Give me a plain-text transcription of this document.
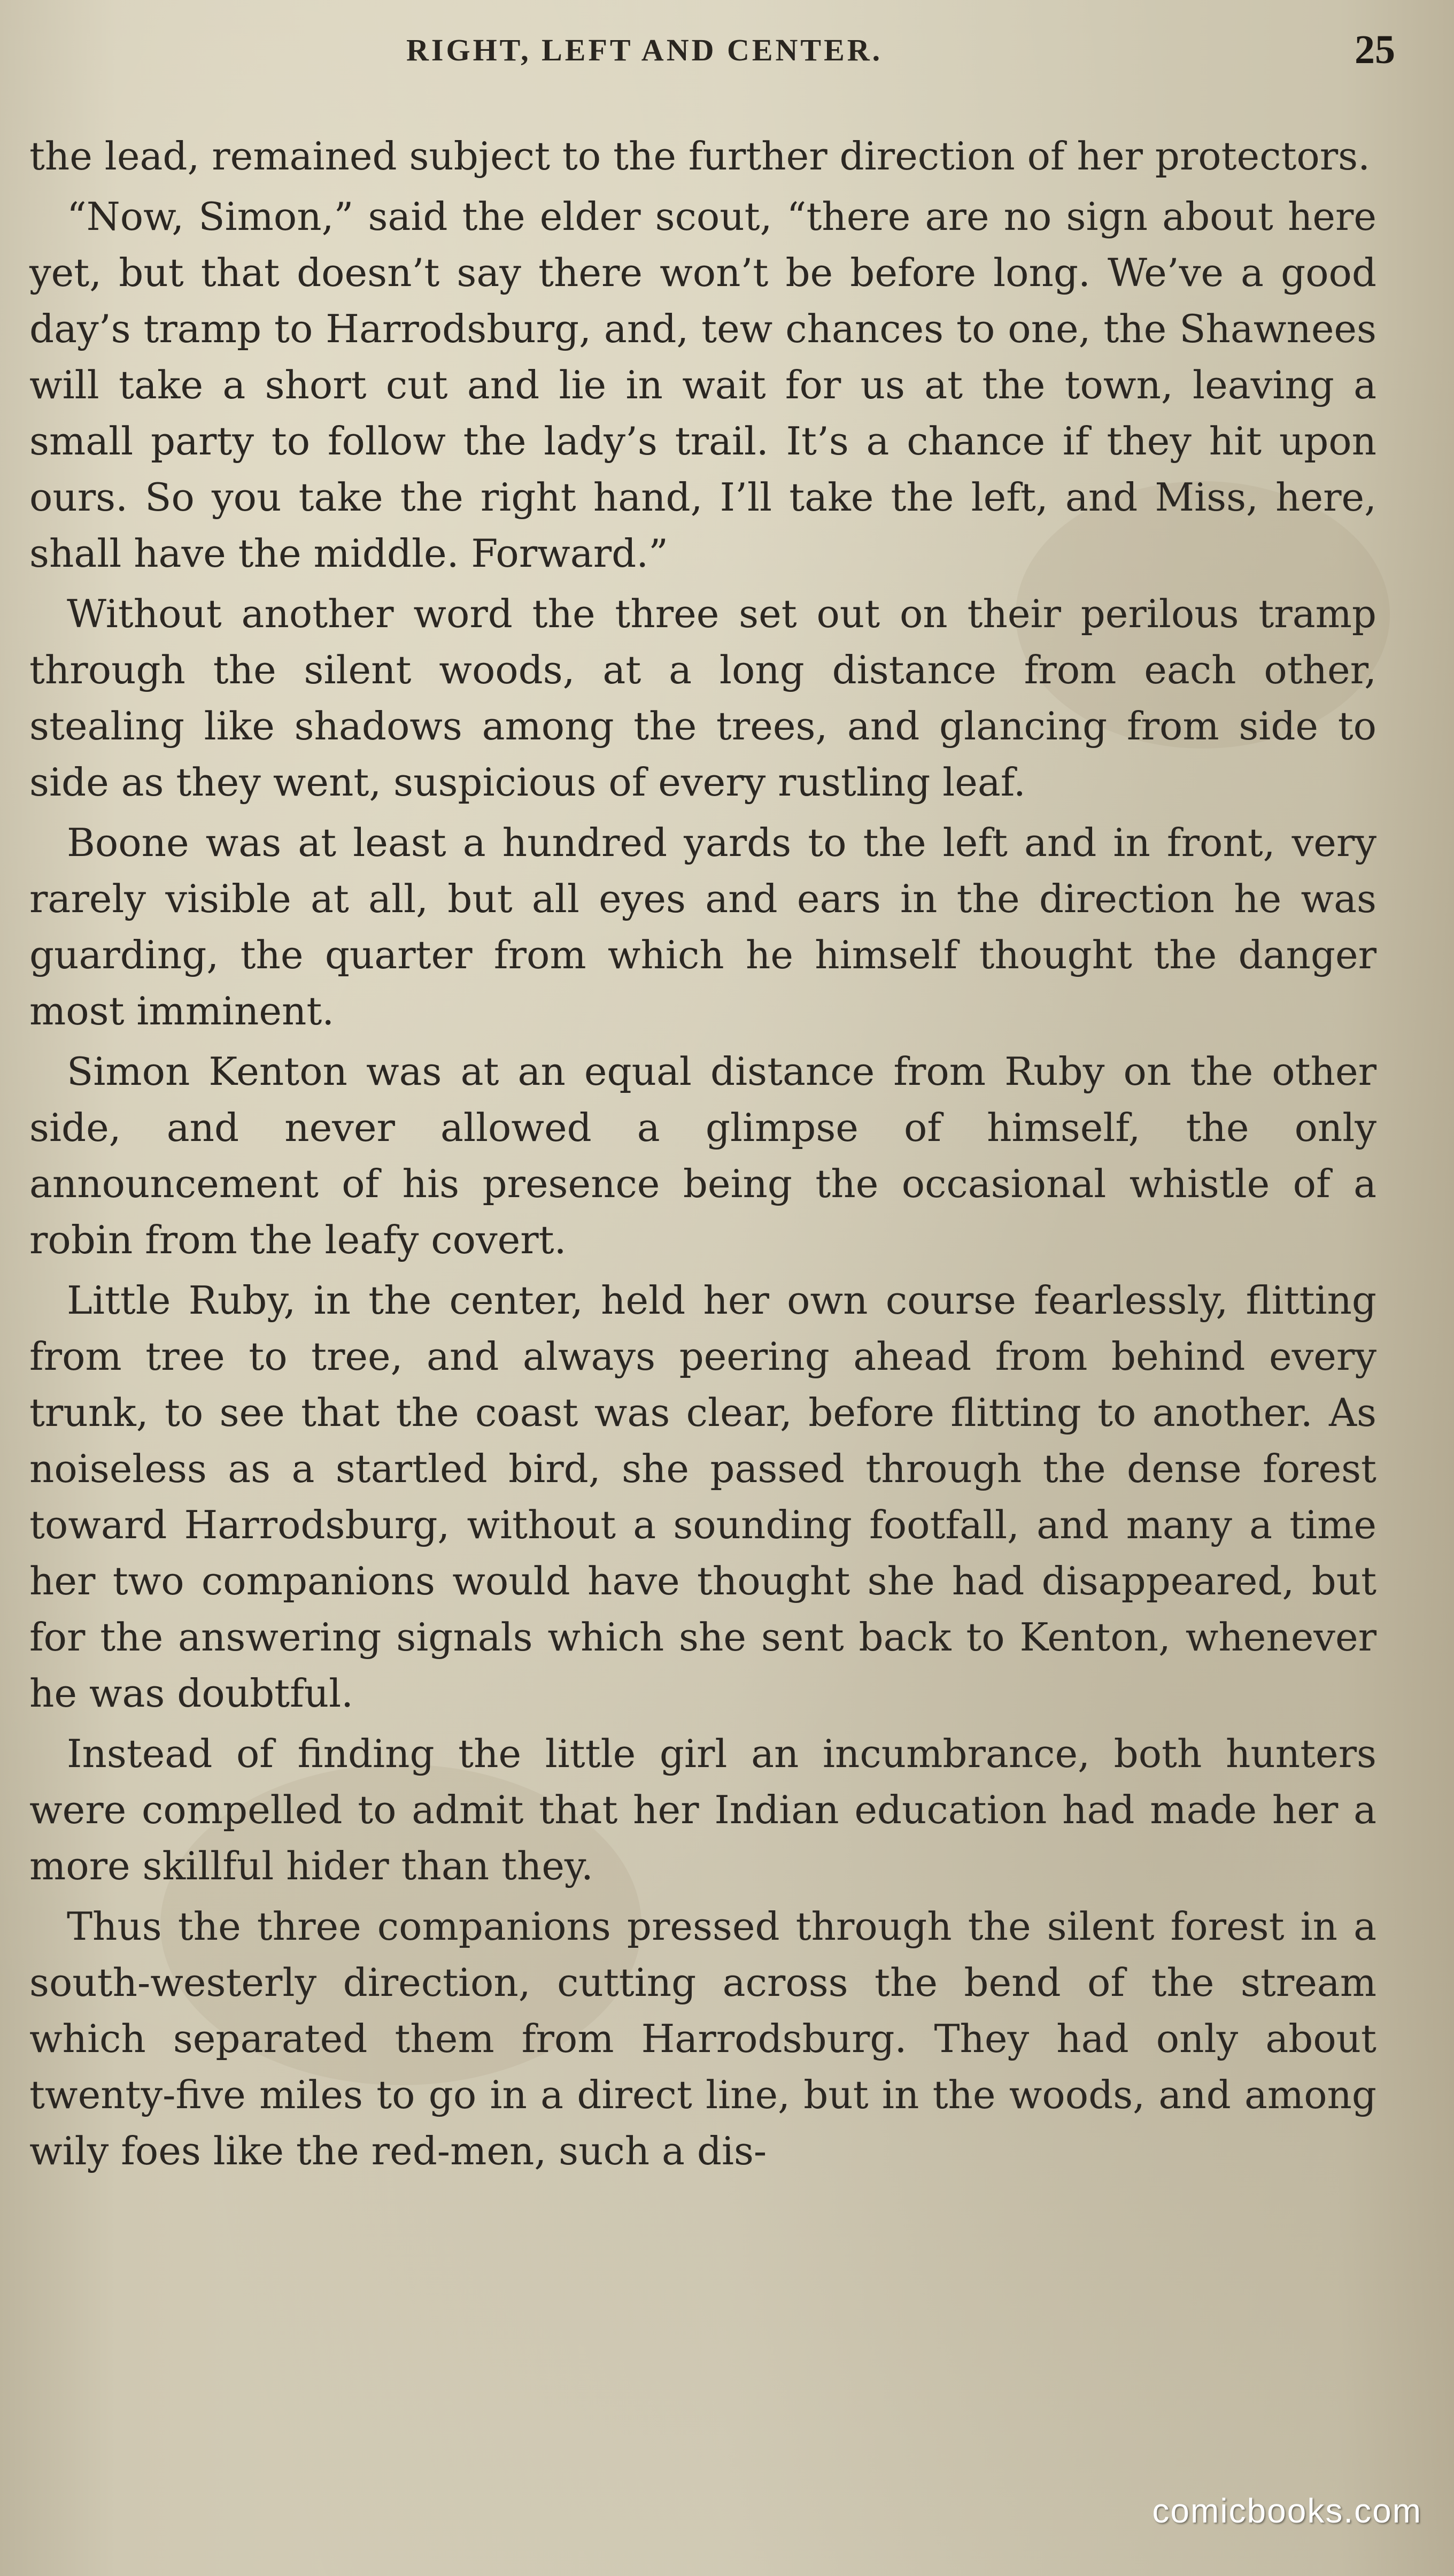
RIGHT, LEFT AND CENTER.	25

the lead, remained subject to the further direction of her protectors.

“Now, Simon,” said the elder scout, “there are no sign about here yet, but that doesn’t say there won’t be before long. We’ve a good day’s tramp to Harrodsburg, and, tew chances to one, the Shawnees will take a short cut and lie in wait for us at the town, leaving a small party to follow the lady’s trail. It’s a chance if they hit upon ours. So you take the right hand, I’ll take the left, and Miss, here, shall have the middle. Forward.”

Without another word the three set out on their perilous tramp through the silent woods, at a long distance from each other, stealing like shadows among the trees, and glancing from side to side as they went, suspicious of every rustling leaf.

Boone was at least a hundred yards to the left and in front, very rarely visible at all, but all eyes and ears in the direction he was guarding, the quarter from which he himself thought the danger most imminent.

Simon Kenton was at an equal distance from Ruby on the other side, and never allowed a glimpse of himself, the only announcement of his presence being the occasional whistle of a robin from the leafy covert.

Little Ruby, in the center, held her own course fearlessly, flitting from tree to tree, and always peering ahead from behind every trunk, to see that the coast was clear, before flitting to another. As noiseless as a startled bird, she passed through the dense forest toward Harrodsburg, without a sounding footfall, and many a time her two companions would have thought she had disappeared, but for the answering signals which she sent back to Kenton, whenever he was doubtful.

Instead of finding the little girl an incumbrance, both hunters were compelled to admit that her Indian education had made her a more skillful hider than they.

Thus the three companions pressed through the silent forest in a south-westerly direction, cutting across the bend of the stream which separated them from Harrodsburg. They had only about twenty-five miles to go in a direct line, but in the woods, and among wily foes like the red-men, such a dis-

comicbooks.com
